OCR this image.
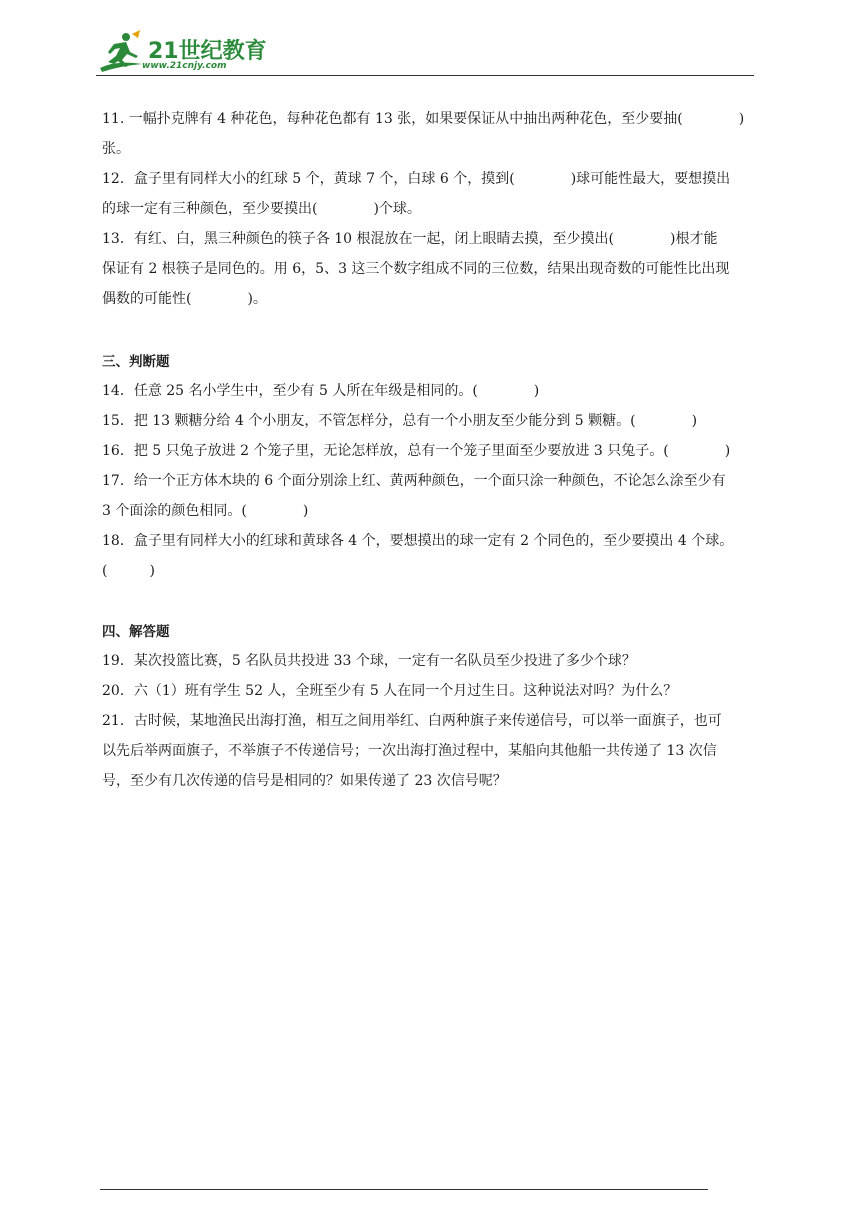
21世纪教育
www.21cnjy.com

11. 一幅扑克牌有 4 种花色，每种花色都有 13 张，如果要保证从中抽出两种花色，至少要抽(　　　　)

张。

12．盒子里有同样大小的红球 5 个，黄球 7 个，白球 6 个，摸到(　　　　)球可能性最大，要想摸出

的球一定有三种颜色，至少要摸出(　　　　)个球。

13．有红、白，黑三种颜色的筷子各 10 根混放在一起，闭上眼睛去摸，至少摸出(　　　　)根才能

保证有 2 根筷子是同色的。用 6，5、3 这三个数字组成不同的三位数，结果出现奇数的可能性比出现

偶数的可能性(　　　　)。

三、判断题

14．任意 25 名小学生中，至少有 5 人所在年级是相同的。(　　　　)

15．把 13 颗糖分给 4 个小朋友，不管怎样分，总有一个小朋友至少能分到 5 颗糖。(　　　　)

16．把 5 只兔子放进 2 个笼子里，无论怎样放，总有一个笼子里面至少要放进 3 只兔子。(　　　　)

17．给一个正方体木块的 6 个面分别涂上红、黄两种颜色，一个面只涂一种颜色，不论怎么涂至少有

3 个面涂的颜色相同。(　　　　)

18．盒子里有同样大小的红球和黄球各 4 个，要想摸出的球一定有 2 个同色的，至少要摸出 4 个球。

(　　　)

四、解答题

19．某次投篮比赛，5 名队员共投进 33 个球，一定有一名队员至少投进了多少个球？

20．六（1）班有学生 52 人，全班至少有 5 人在同一个月过生日。这种说法对吗？为什么？

21．古时候，某地渔民出海打渔，相互之间用举红、白两种旗子来传递信号，可以举一面旗子，也可

以先后举两面旗子，不举旗子不传递信号；一次出海打渔过程中，某船向其他船一共传递了 13 次信

号，至少有几次传递的信号是相同的？如果传递了 23 次信号呢？
